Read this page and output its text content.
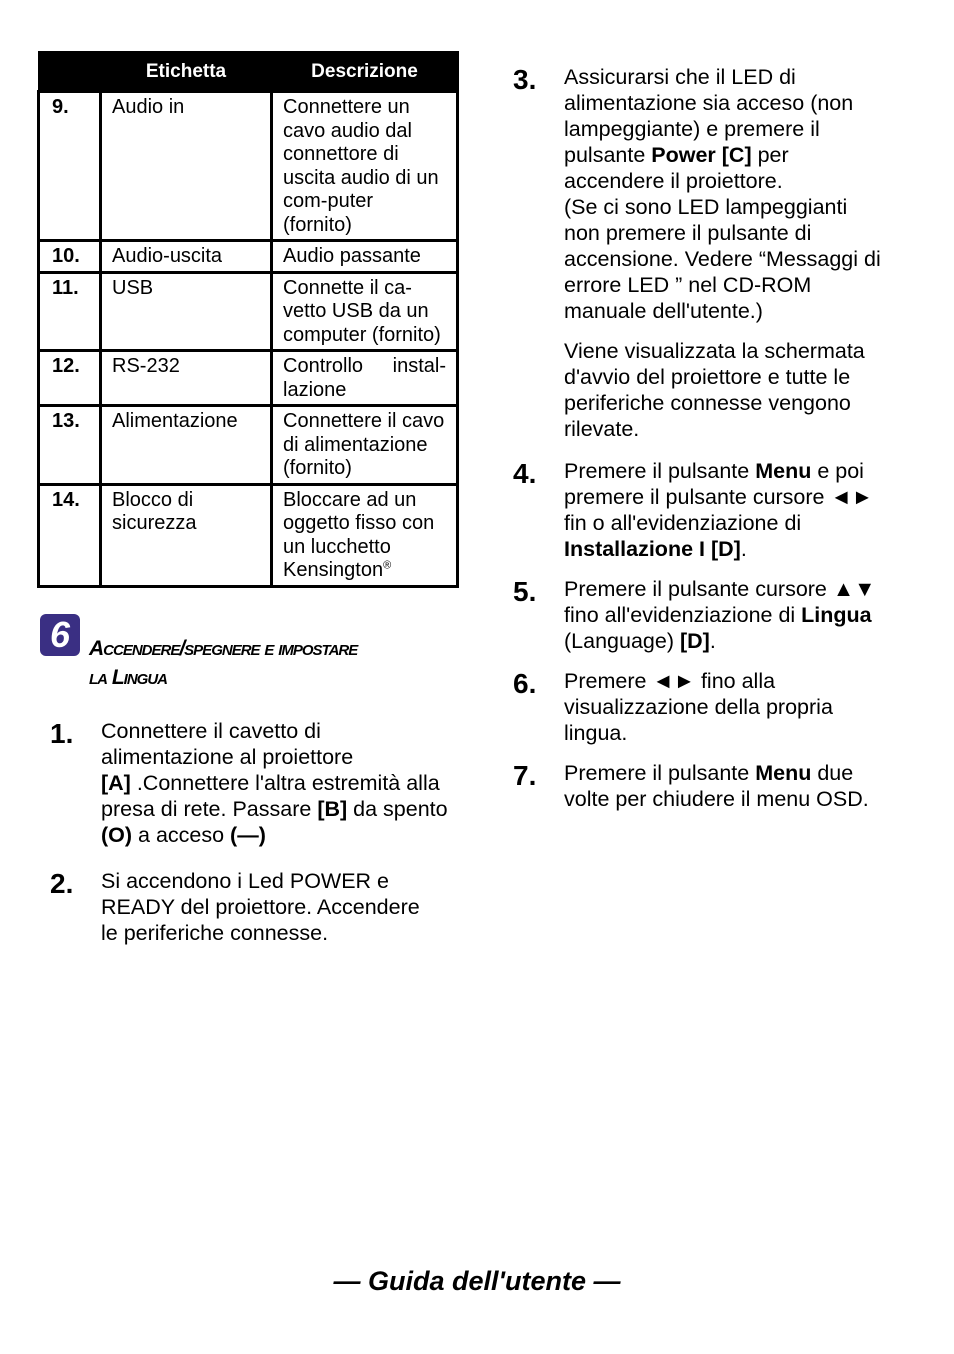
	Etichetta	Descrizione
9.	Audio in	Connettere un cavo audio dal connettore di uscita audio di un com-puter (fornito)
10.	Audio-uscita	Audio passante
11.	USB	Connette il ca-vetto USB da un computer (fornito)
12.	RS-232	Controllo instal-lazione
13.	Alimentazione	Connettere il cavo di alimentazione (fornito)
14.	Blocco di sicurezza	Bloccare ad un oggetto fisso con un lucchetto Kensington®
6 Accendere/spegnere e impostare
la Lingua
1. Connettere il cavetto di alimentazione al proiettore
[A] .Connettere l'altra estremità alla presa di rete. Passare [B] da spento (O) a acceso (—)
2. Si accendono i Led POWER e READY del proiettore. Accendere le periferiche connesse.
3. Assicurarsi che il LED di alimentazione sia acceso (non lampeggiante) e premere il pulsante Power [C] per accendere il proiettore.
(Se ci sono LED lampeggianti non premere il pulsante di accensione. Vedere “Messaggi di errore LED ” nel CD-ROM manuale dell'utente.)
Viene visualizzata la schermata d'avvio del proiettore e tutte le periferiche connesse vengono rilevate.
4. Premere il pulsante Menu e poi premere il pulsante cursore ◄► fin o all'evidenziazione di Installazione I [D].
5. Premere il pulsante cursore ▲▼ fino all'evidenziazione di Lingua (Language) [D].
6. Premere ◄► fino alla visualizzazione della propria lingua.
7. Premere il pulsante Menu due volte per chiudere il menu OSD.
— Guida dell'utente —
